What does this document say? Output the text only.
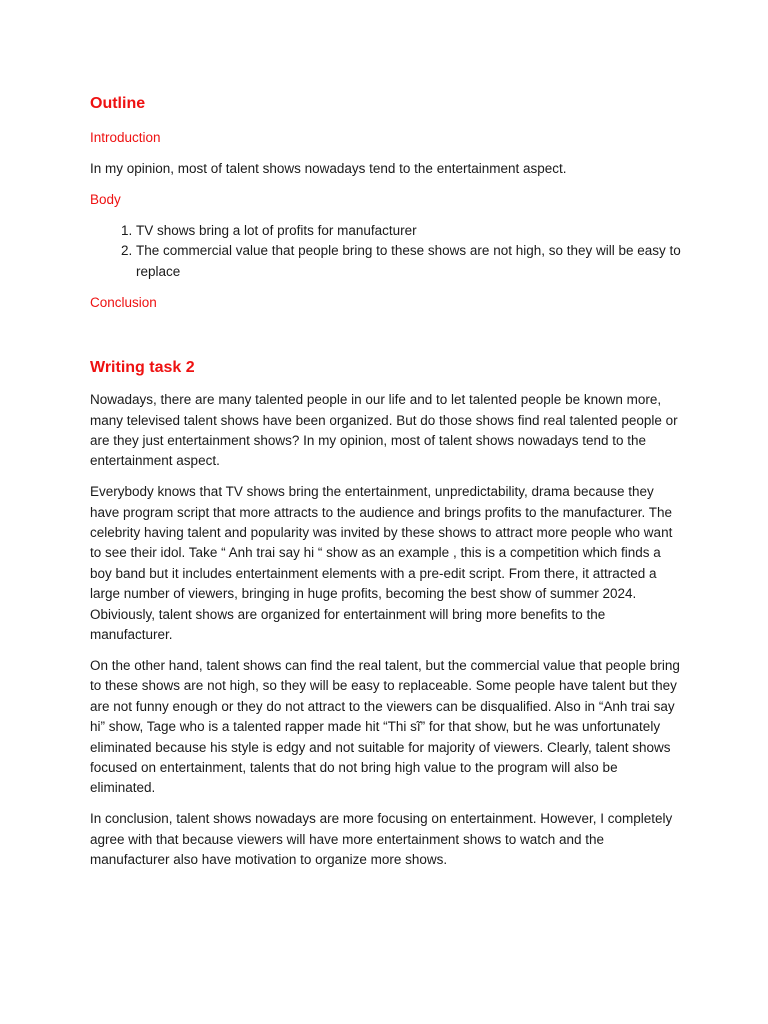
Outline
Introduction
In my opinion, most of talent shows nowadays tend to the entertainment aspect.
Body
1. TV shows bring a lot of profits for manufacturer
2. The commercial value that people bring to these shows are not high, so they will be easy to replace
Conclusion
Writing task 2
Nowadays, there are many talented people in our life and to let talented people be known more, many televised talent shows have been organized. But do those shows find real talented people or are they just entertainment shows? In my opinion, most of talent shows nowadays tend to the entertainment aspect.
Everybody knows that TV shows bring the entertainment, unpredictability, drama because they have program script that more attracts to the audience and brings profits to the manufacturer. The celebrity having talent and popularity was invited by these shows to attract more people who want to see their idol. Take “ Anh trai say hi “ show as an example , this is a competition which finds a boy band but it includes entertainment elements with a pre-edit script. From there, it attracted a large number of viewers, bringing in huge profits, becoming the best show of summer 2024. Obiviously, talent shows are organized for entertainment will bring more benefits to the manufacturer.
On the other hand, talent shows can find the real talent, but the commercial value that people bring to these shows are not high, so they will be easy to replaceable. Some people have talent but they are not funny enough or they do not attract to the viewers can be disqualified. Also in “Anh trai say hi” show, Tage who is a talented rapper made hit “Thi sĩ” for that show, but he was unfortunately eliminated because his style is edgy and not suitable for majority of viewers. Clearly, talent shows focused on entertainment, talents that do not bring high value to the program will also be eliminated.
In conclusion, talent shows nowadays are more focusing on entertainment. However, I completely agree with that because viewers will have more entertainment shows to watch and the manufacturer also have motivation to organize more shows.
